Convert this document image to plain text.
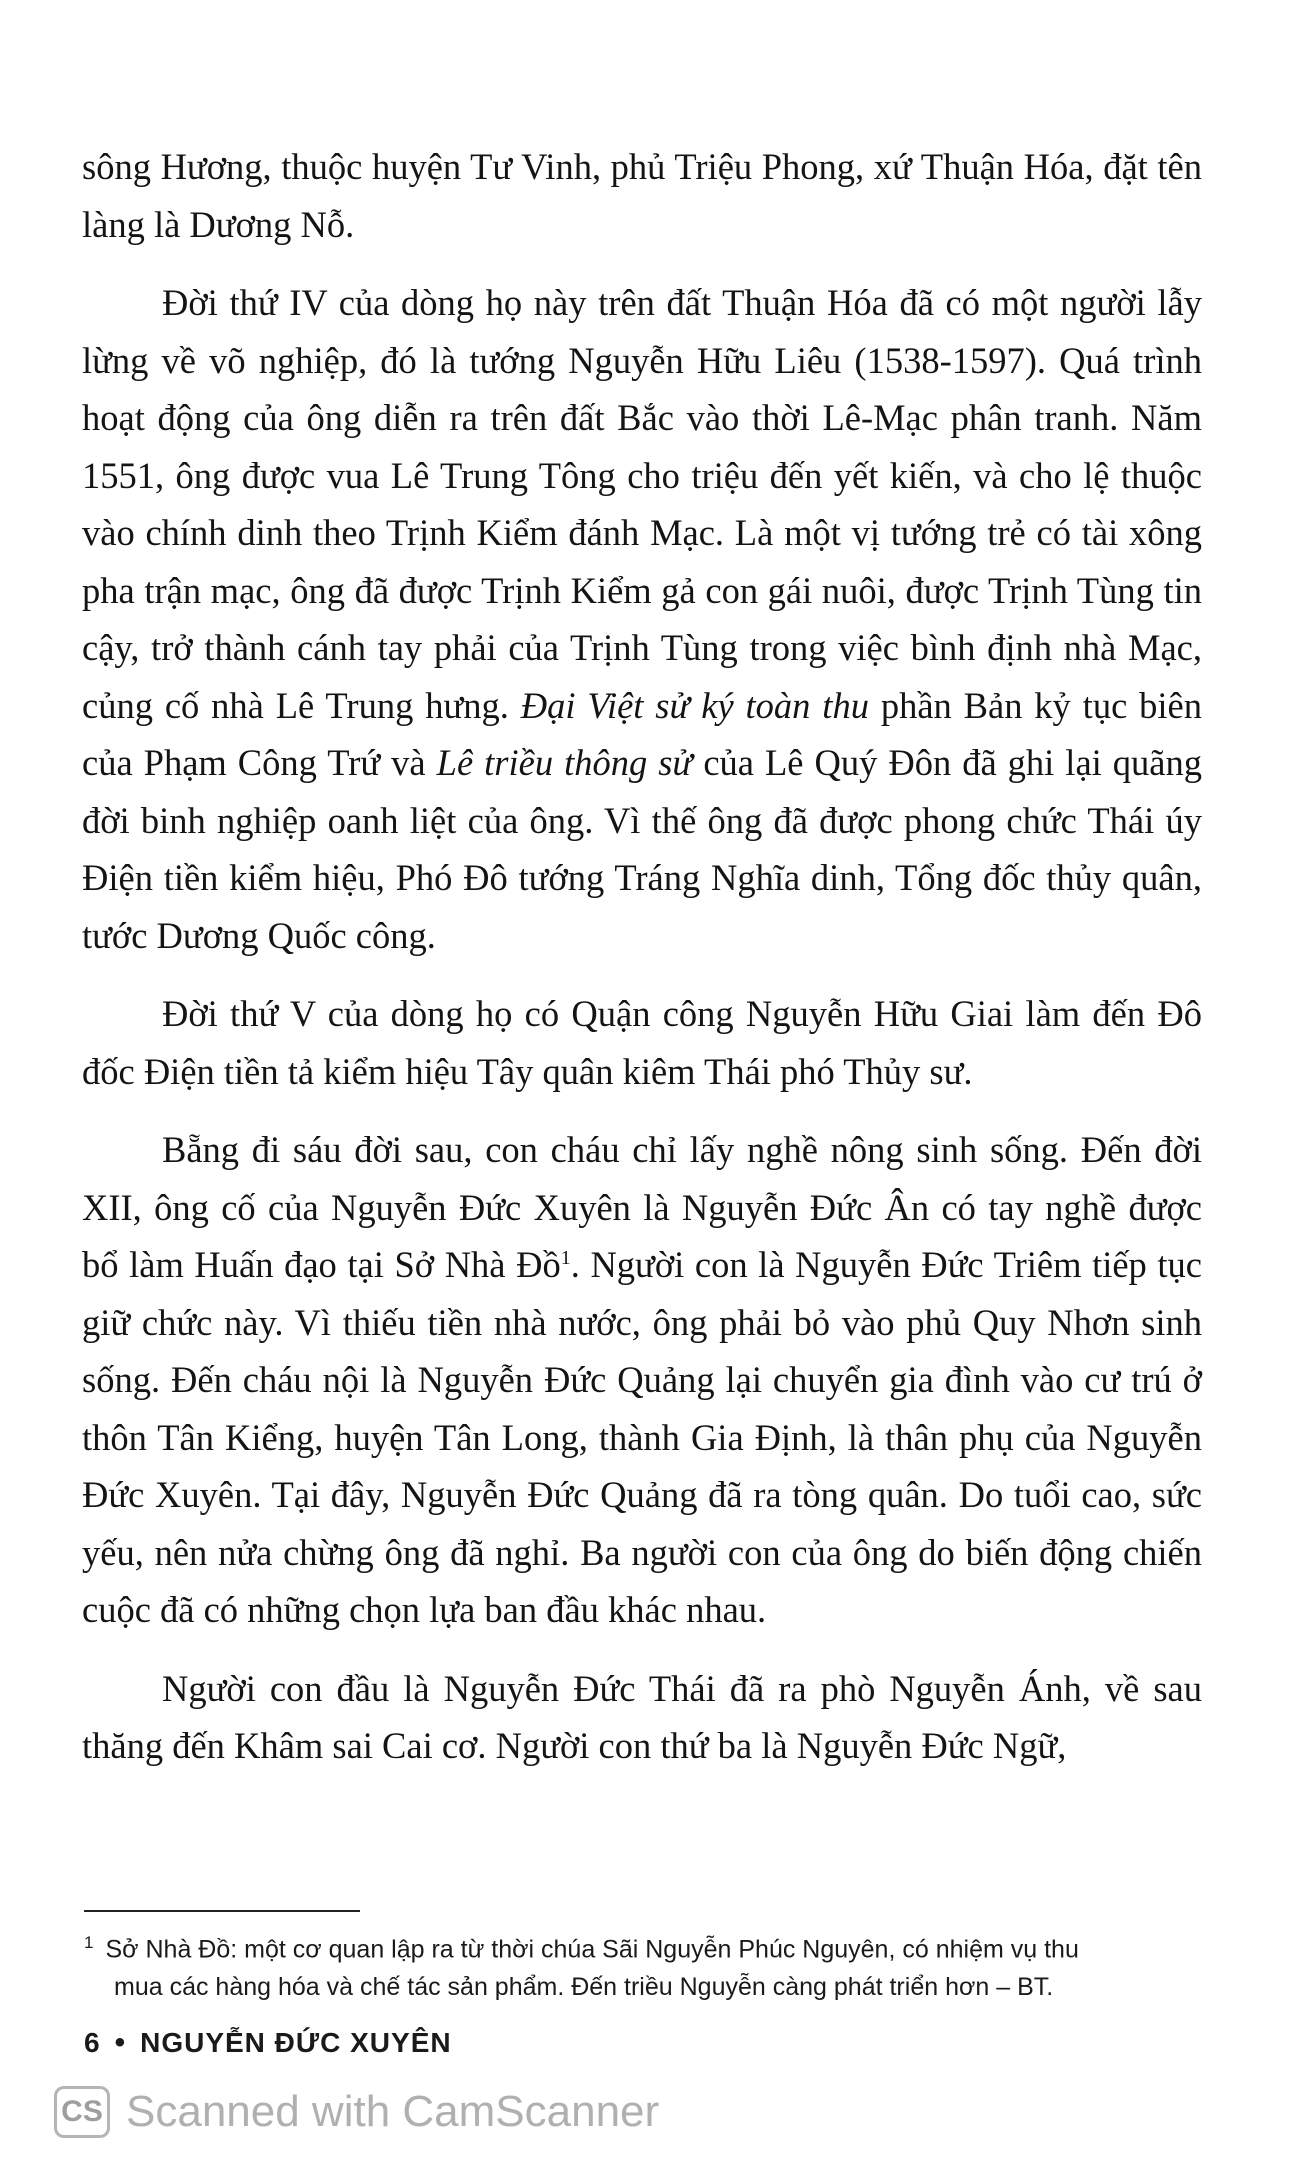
sông Hương, thuộc huyện Tư Vinh, phủ Triệu Phong, xứ Thuận Hóa, đặt tên làng là Dương Nỗ.

Đời thứ IV của dòng họ này trên đất Thuận Hóa đã có một người lẫy lừng về võ nghiệp, đó là tướng Nguyễn Hữu Liêu (1538-1597). Quá trình hoạt động của ông diễn ra trên đất Bắc vào thời Lê-Mạc phân tranh. Năm 1551, ông được vua Lê Trung Tông cho triệu đến yết kiến, và cho lệ thuộc vào chính dinh theo Trịnh Kiểm đánh Mạc. Là một vị tướng trẻ có tài xông pha trận mạc, ông đã được Trịnh Kiểm gả con gái nuôi, được Trịnh Tùng tin cậy, trở thành cánh tay phải của Trịnh Tùng trong việc bình định nhà Mạc, củng cố nhà Lê Trung hưng. Đại Việt sử ký toàn thu phần Bản kỷ tục biên của Phạm Công Trứ và Lê triều thông sử của Lê Quý Đôn đã ghi lại quãng đời binh nghiệp oanh liệt của ông. Vì thế ông đã được phong chức Thái úy Điện tiền kiểm hiệu, Phó Đô tướng Tráng Nghĩa dinh, Tổng đốc thủy quân, tước Dương Quốc công.

Đời thứ V của dòng họ có Quận công Nguyễn Hữu Giai làm đến Đô đốc Điện tiền tả kiểm hiệu Tây quân kiêm Thái phó Thủy sư.

Bẵng đi sáu đời sau, con cháu chỉ lấy nghề nông sinh sống. Đến đời XII, ông cố của Nguyễn Đức Xuyên là Nguyễn Đức Ân có tay nghề được bổ làm Huấn đạo tại Sở Nhà Đồ$^1$. Người con là Nguyễn Đức Triêm tiếp tục giữ chức này. Vì thiếu tiền nhà nước, ông phải bỏ vào phủ Quy Nhơn sinh sống. Đến cháu nội là Nguyễn Đức Quảng lại chuyển gia đình vào cư trú ở thôn Tân Kiểng, huyện Tân Long, thành Gia Định, là thân phụ của Nguyễn Đức Xuyên. Tại đây, Nguyễn Đức Quảng đã ra tòng quân. Do tuổi cao, sức yếu, nên nửa chừng ông đã nghỉ. Ba người con của ông do biến động chiến cuộc đã có những chọn lựa ban đầu khác nhau.

Người con đầu là Nguyễn Đức Thái đã ra phò Nguyễn Ánh, về sau thăng đến Khâm sai Cai cơ. Người con thứ ba là Nguyễn Đức Ngữ,

$^1$ Sở Nhà Đồ: một cơ quan lập ra từ thời chúa Sãi Nguyễn Phúc Nguyên, có nhiệm vụ thu
mua các hàng hóa và chế tác sản phẩm. Đến triều Nguyễn càng phát triển hơn – BT.
6 • NGUYỄN ĐỨC XUYÊN
CS Scanned with CamScanner
